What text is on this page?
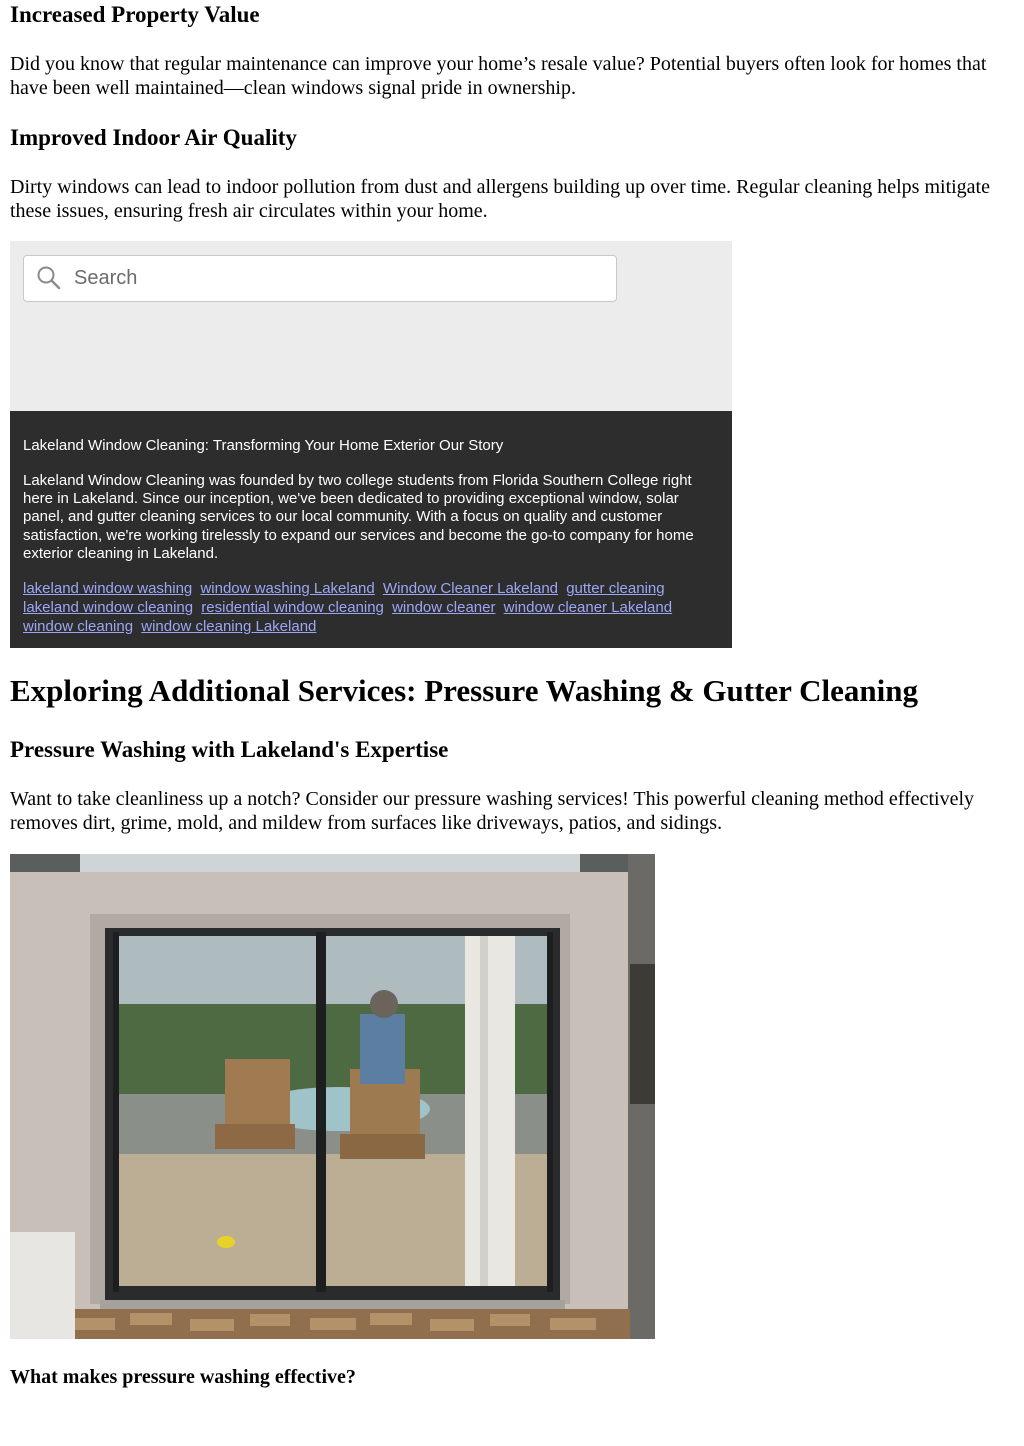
Increased Property Value

Did you know that regular maintenance can improve your home’s resale value? Potential buyers often look for homes that have been well maintained—clean windows signal pride in ownership.

Improved Indoor Air Quality

Dirty windows can lead to indoor pollution from dust and allergens building up over time. Regular cleaning helps mitigate these issues, ensuring fresh air circulates within your home.

Search
Lakeland Window Cleaning: Transforming Your Home Exterior Our Story

Lakeland Window Cleaning was founded by two college students from Florida Southern College right here in Lakeland. Since our inception, we've been dedicated to providing exceptional window, solar panel, and gutter cleaning services to our local community. With a focus on quality and customer satisfaction, we're working tirelessly to expand our services and become the go-to company for home exterior cleaning in Lakeland.

lakeland window washing window washing Lakeland Window Cleaner Lakeland gutter cleaning
lakeland window cleaning residential window cleaning window cleaner window cleaner Lakeland
window cleaning window cleaning Lakeland
Exploring Additional Services: Pressure Washing & Gutter Cleaning
Pressure Washing with Lakeland's Expertise

Want to take cleanliness up a notch? Consider our pressure washing services! This powerful cleaning method effectively removes dirt, grime, mold, and mildew from surfaces like driveways, patios, and sidings.

What makes pressure washing effective?
